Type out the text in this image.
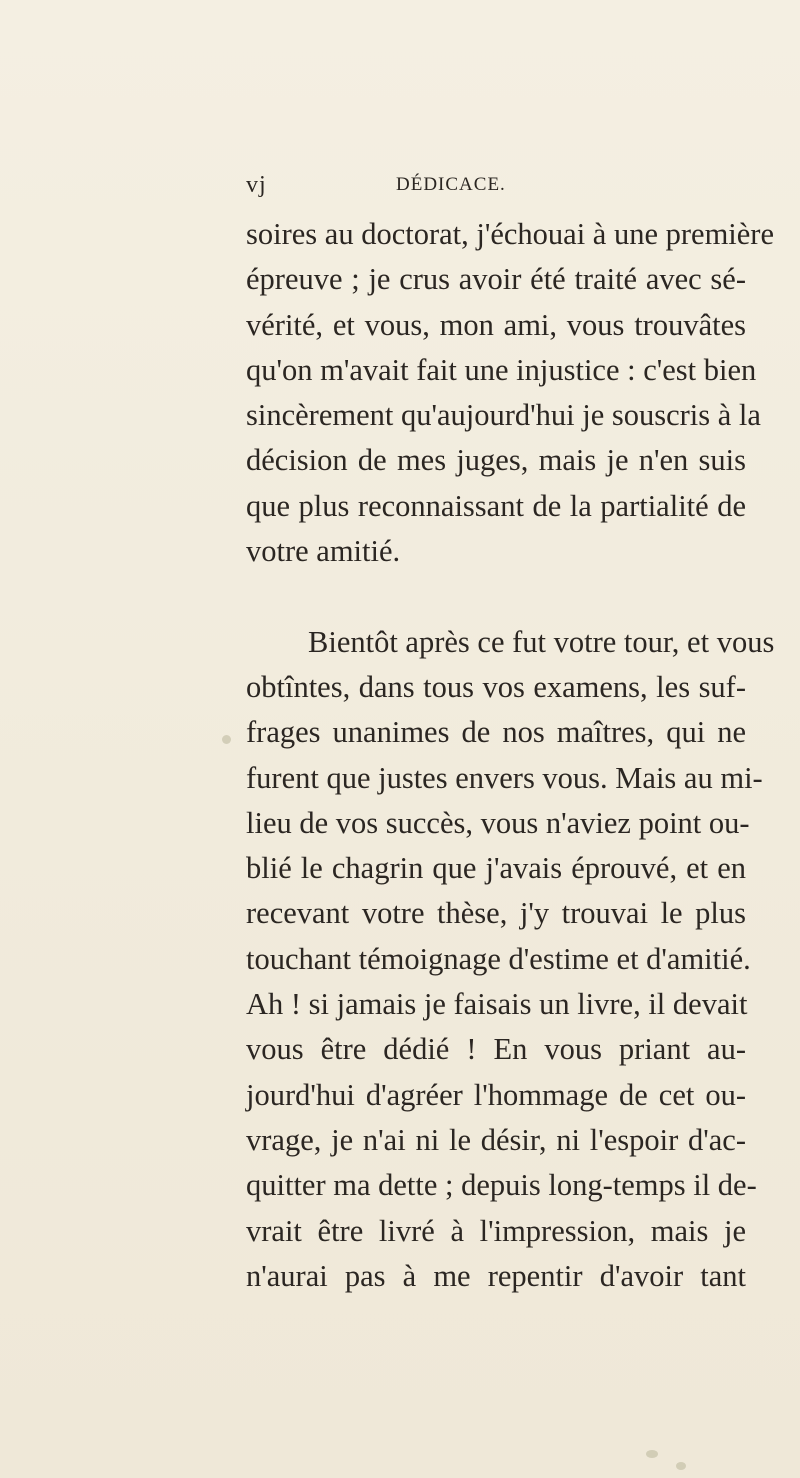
vj	DÉDICACE.
soires au doctorat, j'échouai à une première
épreuve ; je crus avoir été traité avec sé-
vérité, et vous, mon ami, vous trouvâtes
qu'on m'avait fait une injustice : c'est bien
sincèrement qu'aujourd'hui je souscris à la
décision de mes juges, mais je n'en suis
que plus reconnaissant de la partialité de
votre amitié.
Bientôt après ce fut votre tour, et vous
obtîntes, dans tous vos examens, les suf-
frages unanimes de nos maîtres, qui ne
furent que justes envers vous. Mais au mi-
lieu de vos succès, vous n'aviez point ou-
blié le chagrin que j'avais éprouvé, et en
recevant votre thèse, j'y trouvai le plus
touchant témoignage d'estime et d'amitié.
Ah ! si jamais je faisais un livre, il devait
vous être dédié ! En vous priant au-
jourd'hui d'agréer l'hommage de cet ou-
vrage, je n'ai ni le désir, ni l'espoir d'ac-
quitter ma dette ; depuis long-temps il de-
vrait être livré à l'impression, mais je
n'aurai pas à me repentir d'avoir tant
